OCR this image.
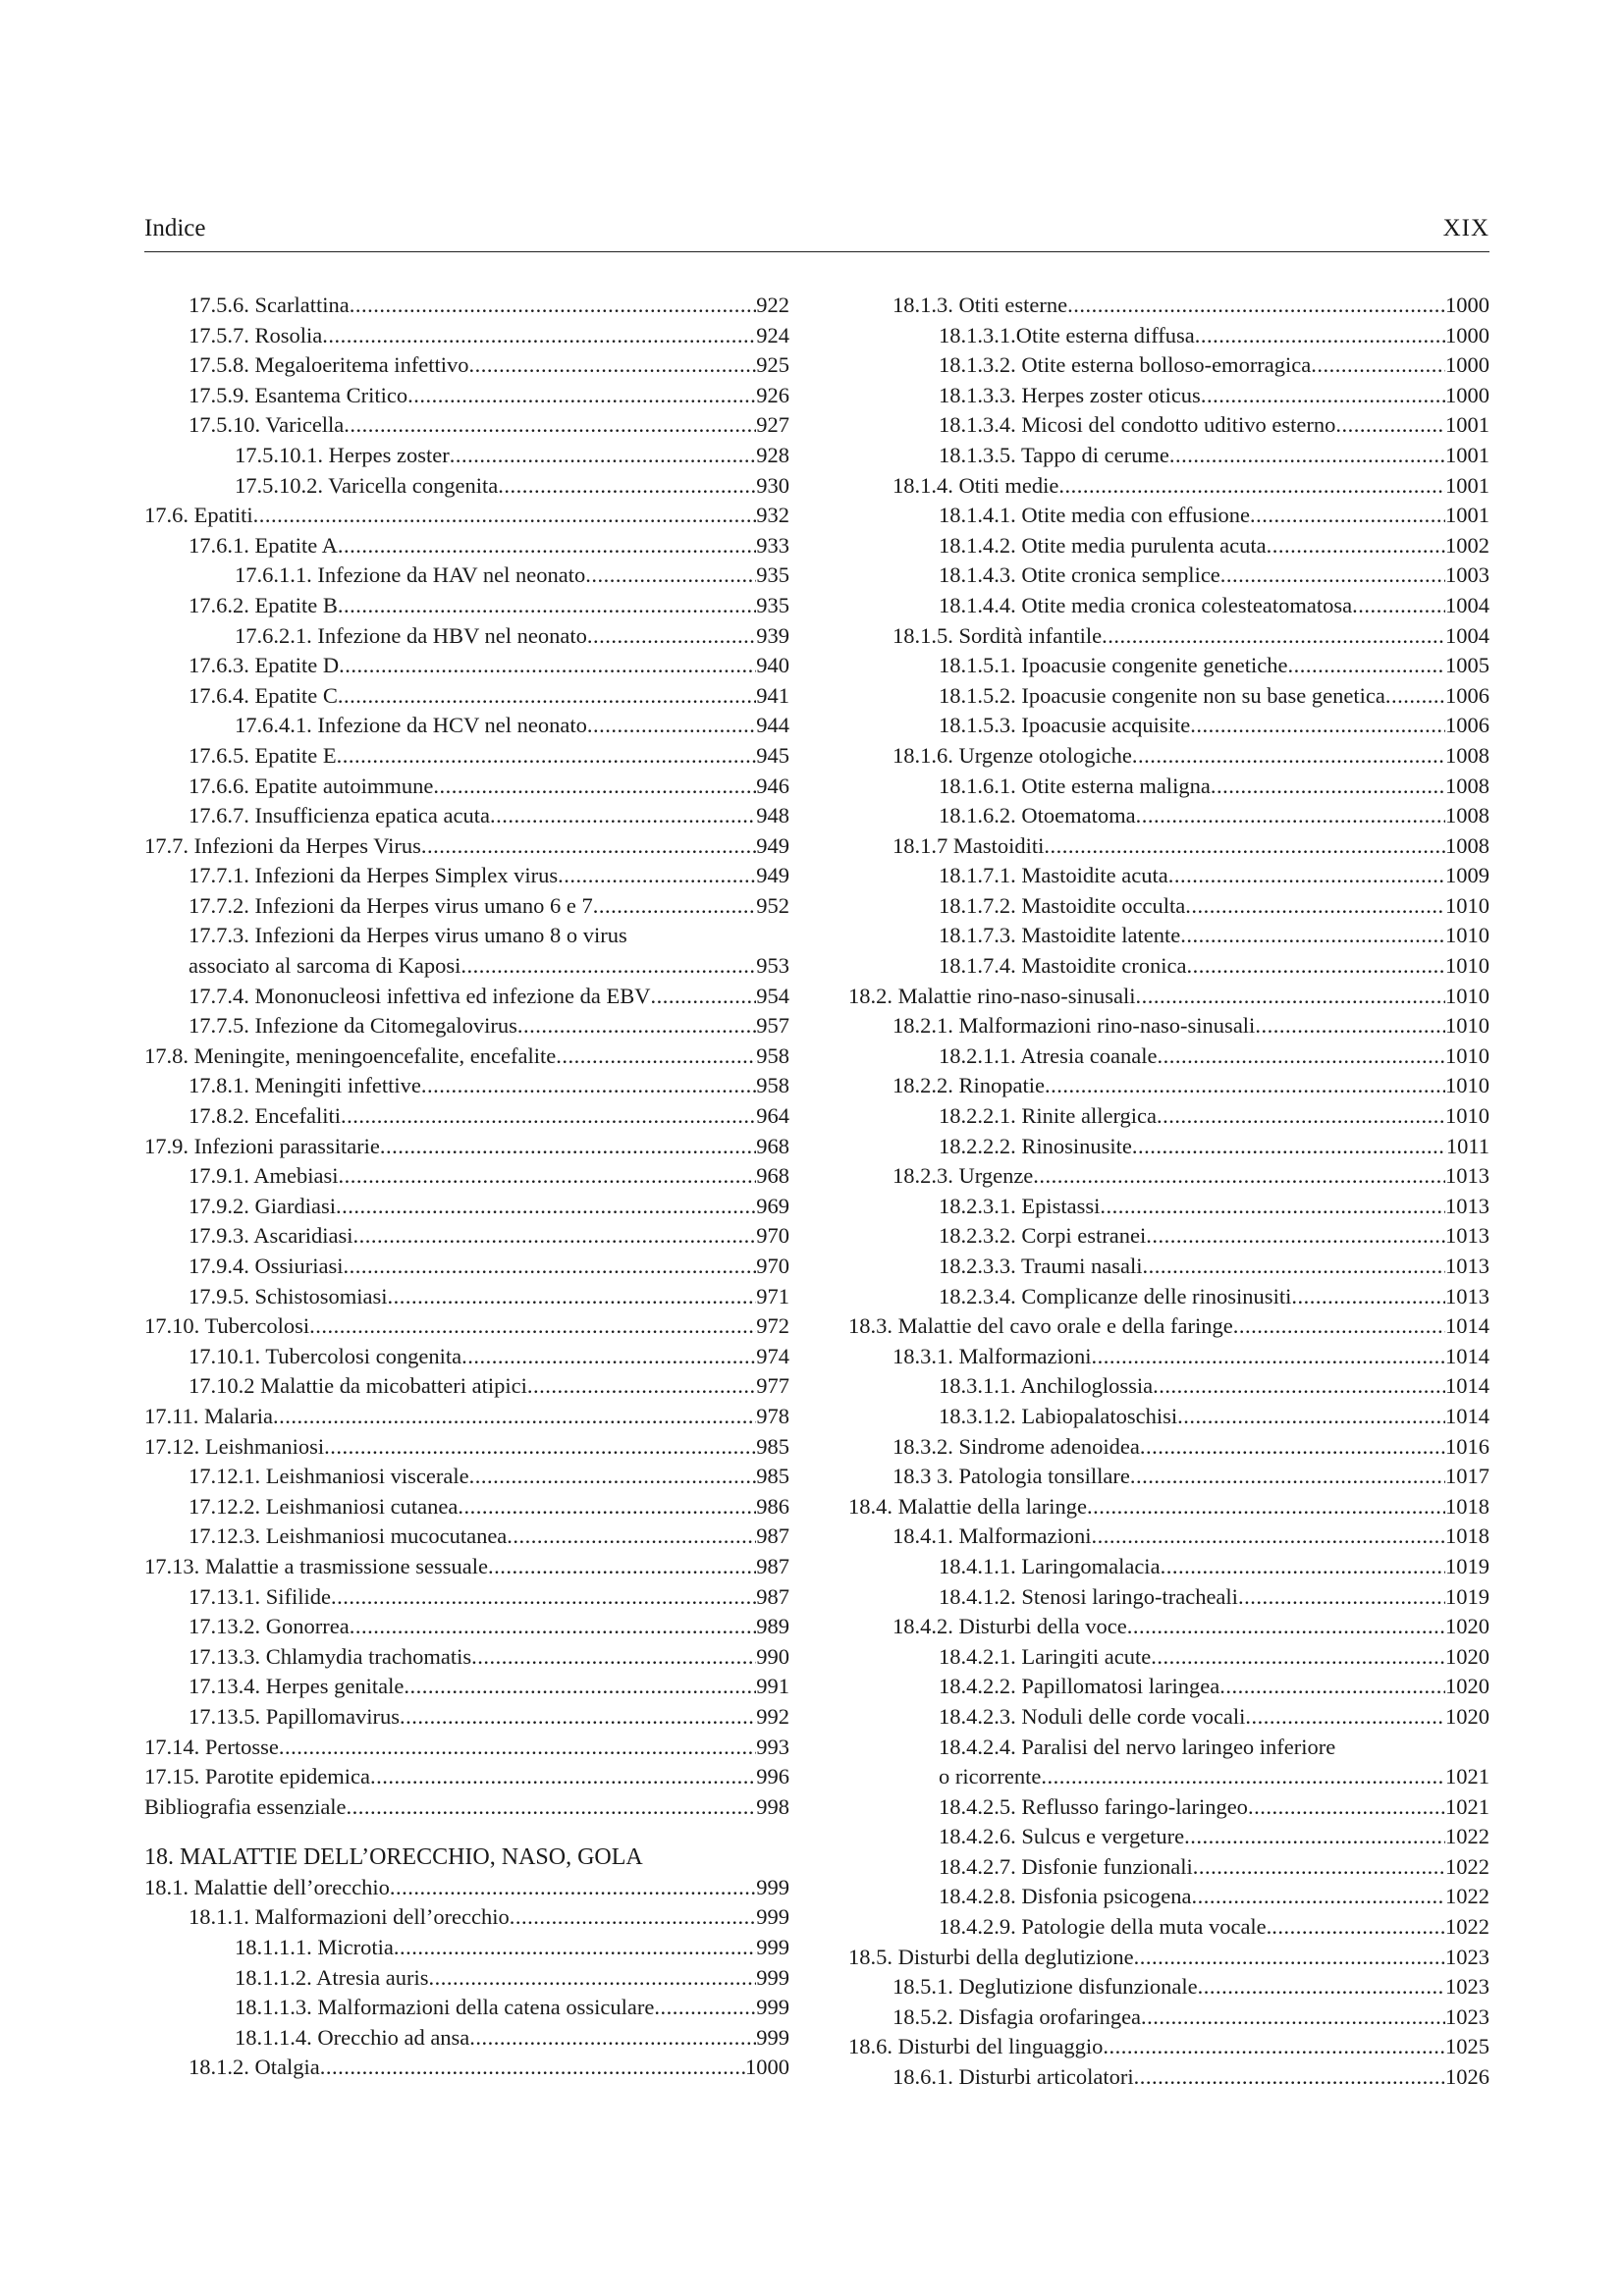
Indice	XIX
17.5.6. Scarlattina .....	922
17.5.7. Rosolia .....	924
17.5.8. Megaloeritema infettivo .....	925
17.5.9. Esantema Critico .....	926
17.5.10. Varicella .....	927
17.5.10.1. Herpes zoster .....	928
17.5.10.2. Varicella congenita .....	930
17.6. Epatiti .....	932
17.6.1. Epatite A .....	933
17.6.1.1. Infezione da HAV nel neonato .....	935
17.6.2. Epatite B .....	935
17.6.2.1. Infezione da HBV nel neonato .....	939
17.6.3. Epatite D .....	940
17.6.4. Epatite C .....	941
17.6.4.1. Infezione da HCV nel neonato .....	944
17.6.5. Epatite E .....	945
17.6.6. Epatite autoimmune .....	946
17.6.7. Insufficienza epatica acuta .....	948
17.7. Infezioni da Herpes Virus .....	949
17.7.1. Infezioni da Herpes Simplex virus .....	949
17.7.2. Infezioni da Herpes virus umano 6 e 7 .....	952
17.7.3. Infezioni da Herpes virus umano 8 o virus
associato al sarcoma di Kaposi .....	953
17.7.4. Mononucleosi infettiva ed infezione da EBV .....	954
17.7.5. Infezione da Citomegalovirus .....	957
17.8. Meningite, meningoencefalite, encefalite .....	958
17.8.1. Meningiti infettive .....	958
17.8.2. Encefaliti .....	964
17.9. Infezioni parassitarie .....	968
17.9.1. Amebiasi .....	968
17.9.2. Giardiasi .....	969
17.9.3. Ascaridiasi .....	970
17.9.4. Ossiuriasi .....	970
17.9.5. Schistosomiasi .....	971
17.10. Tubercolosi .....	972
17.10.1. Tubercolosi congenita .....	974
17.10.2 Malattie da micobatteri atipici .....	977
17.11. Malaria .....	978
17.12. Leishmaniosi .....	985
17.12.1. Leishmaniosi viscerale .....	985
17.12.2. Leishmaniosi cutanea .....	986
17.12.3. Leishmaniosi mucocutanea .....	987
17.13. Malattie a trasmissione sessuale .....	987
17.13.1. Sifilide .....	987
17.13.2. Gonorrea .....	989
17.13.3. Chlamydia trachomatis .....	990
17.13.4. Herpes genitale .....	991
17.13.5. Papillomavirus .....	992
17.14. Pertosse .....	993
17.15. Parotite epidemica .....	996
Bibliografia essenziale .....	998
18. MALATTIE DELL’ORECCHIO, NASO, GOLA
18.1. Malattie dell’orecchio .....	999
18.1.1. Malformazioni dell’orecchio .....	999
18.1.1.1. Microtia .....	999
18.1.1.2. Atresia auris .....	999
18.1.1.3. Malformazioni della catena ossiculare .....	999
18.1.1.4. Orecchio ad ansa .....	999
18.1.2. Otalgia .....	1000
18.1.3. Otiti esterne .....	1000
18.1.3.1.Otite esterna diffusa .....	1000
18.1.3.2. Otite esterna bolloso-emorragica .....	1000
18.1.3.3. Herpes zoster oticus .....	1000
18.1.3.4. Micosi del condotto uditivo esterno .....	1001
18.1.3.5. Tappo di cerume .....	1001
18.1.4. Otiti medie .....	1001
18.1.4.1. Otite media con effusione .....	1001
18.1.4.2. Otite media purulenta acuta .....	1002
18.1.4.3. Otite cronica semplice .....	1003
18.1.4.4. Otite media cronica colesteatomatosa .....	1004
18.1.5. Sordità infantile .....	1004
18.1.5.1. Ipoacusie congenite genetiche .....	1005
18.1.5.2. Ipoacusie congenite non su base genetica .....	1006
18.1.5.3. Ipoacusie acquisite .....	1006
18.1.6. Urgenze otologiche .....	1008
18.1.6.1. Otite esterna maligna .....	1008
18.1.6.2. Otoematoma .....	1008
18.1.7 Mastoiditi .....	1008
18.1.7.1. Mastoidite acuta .....	1009
18.1.7.2. Mastoidite occulta .....	1010
18.1.7.3. Mastoidite latente .....	1010
18.1.7.4. Mastoidite cronica .....	1010
18.2. Malattie rino-naso-sinusali .....	1010
18.2.1. Malformazioni rino-naso-sinusali .....	1010
18.2.1.1. Atresia coanale .....	1010
18.2.2. Rinopatie .....	1010
18.2.2.1. Rinite allergica .....	1010
18.2.2.2. Rinosinusite .....	1011
18.2.3. Urgenze .....	1013
18.2.3.1. Epistassi .....	1013
18.2.3.2. Corpi estranei .....	1013
18.2.3.3. Traumi nasali .....	1013
18.2.3.4. Complicanze delle rinosinusiti .....	1013
18.3. Malattie del cavo orale e della faringe .....	1014
18.3.1. Malformazioni .....	1014
18.3.1.1. Anchiloglossia .....	1014
18.3.1.2. Labiopalatoschisi .....	1014
18.3.2. Sindrome adenoidea .....	1016
18.3 3. Patologia tonsillare .....	1017
18.4. Malattie della laringe .....	1018
18.4.1. Malformazioni .....	1018
18.4.1.1. Laringomalacia .....	1019
18.4.1.2. Stenosi laringo-tracheali .....	1019
18.4.2. Disturbi della voce .....	1020
18.4.2.1. Laringiti acute .....	1020
18.4.2.2. Papillomatosi laringea .....	1020
18.4.2.3. Noduli delle corde vocali .....	1020
18.4.2.4. Paralisi del nervo laringeo inferiore
o ricorrente .....	1021
18.4.2.5. Reflusso faringo-laringeo .....	1021
18.4.2.6. Sulcus e vergeture .....	1022
18.4.2.7. Disfonie funzionali .....	1022
18.4.2.8. Disfonia psicogena .....	1022
18.4.2.9. Patologie della muta vocale. .....	1022
18.5. Disturbi della deglutizione .....	1023
18.5.1. Deglutizione disfunzionale .....	1023
18.5.2. Disfagia orofaringea .....	1023
18.6. Disturbi del linguaggio .....	1025
18.6.1. Disturbi articolatori .....	1026
